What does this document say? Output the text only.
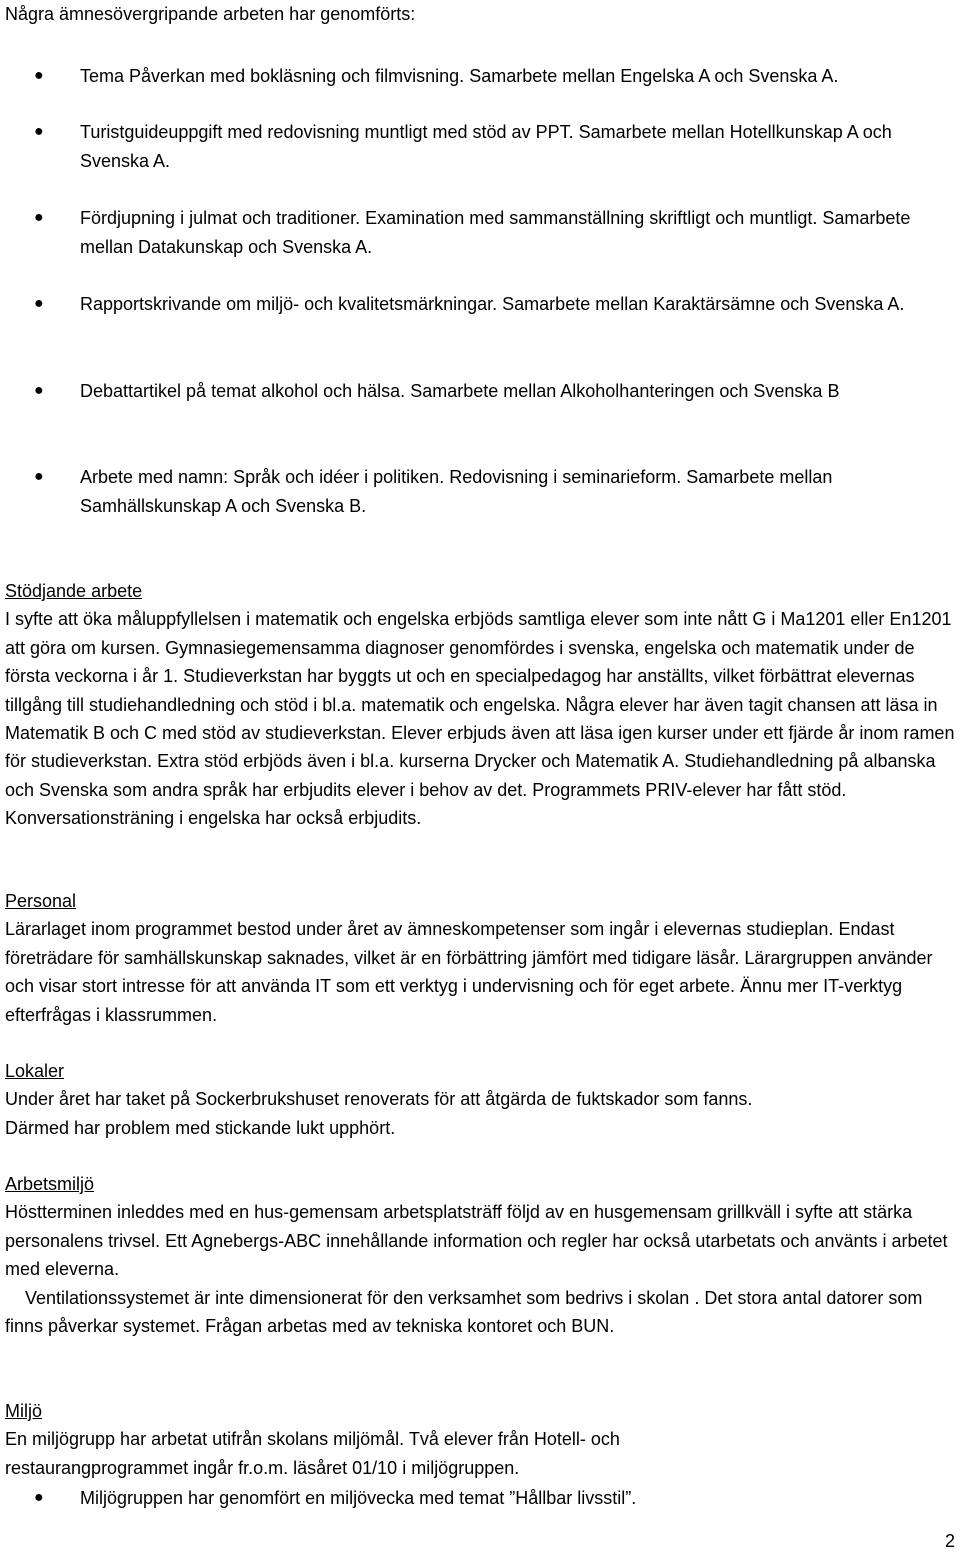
Några ämnesövergripande arbeten har genomförts:

● Tema Påverkan med bokläsning och filmvisning. Samarbete mellan Engelska A och Svenska A.
● Turistguideuppgift med redovisning muntligt med stöd av PPT. Samarbete mellan Hotellkunskap A och Svenska A.
● Fördjupning i julmat och traditioner. Examination med sammanställning skriftligt och muntligt. Samarbete mellan Datakunskap och Svenska A.
● Rapportskrivande om miljö- och kvalitetsmärkningar. Samarbete mellan Karaktärsämne och Svenska A.
● Debattartikel på temat alkohol och hälsa. Samarbete mellan Alkoholhanteringen och Svenska B
● Arbete med namn: Språk och idéer i politiken. Redovisning i seminarieform. Samarbete mellan Samhällskunskap A och Svenska B.
Stödjande arbete

I syfte att öka måluppfyllelsen i matematik och engelska erbjöds samtliga elever som inte nått G i Ma1201 eller En1201 att göra om kursen. Gymnasiegemensamma diagnoser genomfördes i svenska, engelska och matematik under de första veckorna i år 1. Studieverkstan har byggts ut och en specialpedagog har anställts, vilket förbättrat elevernas tillgång till studiehandledning och stöd i bl.a. matematik och engelska. Några elever har även tagit chansen att läsa in Matematik B och C med stöd av studieverkstan. Elever erbjuds även att läsa igen kurser under ett fjärde år inom ramen för studieverkstan. Extra stöd erbjöds även i bl.a. kurserna Drycker och Matematik A. Studiehandledning på albanska och Svenska som andra språk har erbjudits elever i behov av det. Programmets PRIV-elever har fått stöd. Konversationsträning i engelska har också erbjudits.

Personal

Lärarlaget inom programmet bestod under året av ämneskompetenser som ingår i elevernas studieplan. Endast företrädare för samhällskunskap saknades, vilket är en förbättring jämfört med tidigare läsår. Lärargruppen använder och visar stort intresse för att använda IT som ett verktyg i undervisning och för eget arbete. Ännu mer IT-verktyg efterfrågas i klassrummen.

Lokaler

Under året har taket på Sockerbrukshuset renoverats för att åtgärda de fuktskador som fanns.

Därmed har problem med stickande lukt upphört.

Arbetsmiljö

Höstterminen inleddes med en hus-gemensam arbetsplatsträff följd av en husgemensam grillkväll i syfte att stärka personalens trivsel. Ett Agnebergs-ABC innehållande information och regler har också utarbetats och använts i arbetet med eleverna.

Ventilationssystemet är inte dimensionerat för den verksamhet som bedrivs i skolan . Det stora antal datorer som finns påverkar systemet. Frågan arbetas med av tekniska kontoret och BUN.

Miljö

En miljögrupp har arbetat utifrån skolans miljömål. Två elever från Hotell- och restaurangprogrammet ingår fr.o.m. läsåret 01/10 i miljögruppen.

● Miljögruppen har genomfört en miljövecka med temat ”Hållbar livsstil”.
2
